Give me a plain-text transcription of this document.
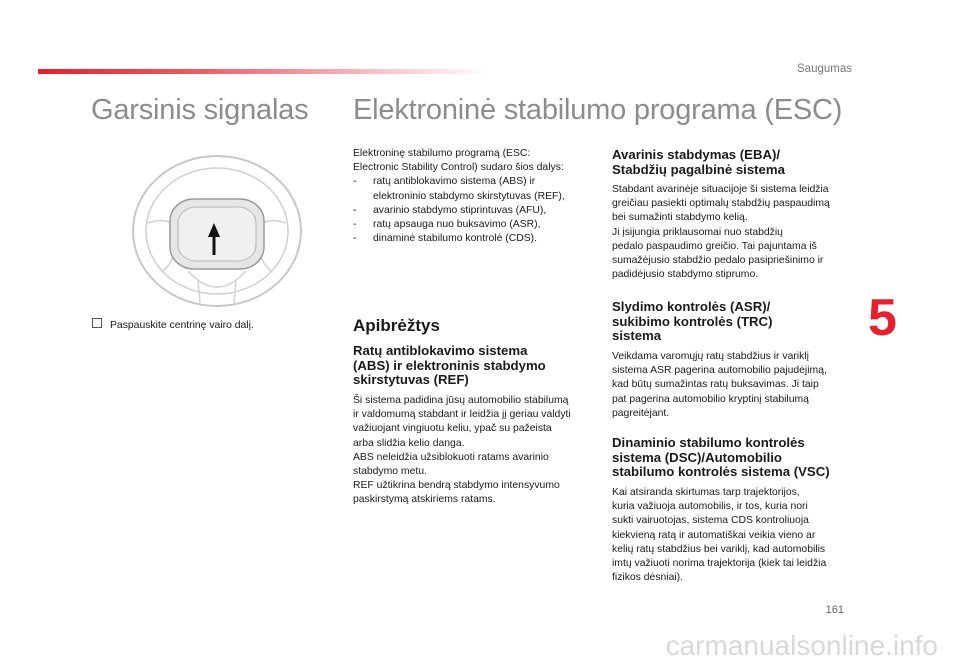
Saugumas
Garsinis signalas
Paspauskite centrinę vairo dalį.
Elektroninė stabilumo programa (ESC)

Elektroninę stabilumo programą (ESC:

Electronic Stability Control) sudaro šios dalys:

- ratų antiblokavimo sistema (ABS) ir
elektroninio stabdymo skirstytuvas (REF),
- avarinio stabdymo stiprintuvas (AFU),
- ratų apsauga nuo buksavimo (ASR),
- dinaminė stabilumo kontrolė (CDS).
Apibrėžtys
Ratų antiblokavimo sistema
(ABS) ir elektroninis stabdymo
skirstytuvas (REF)

Ši sistema padidina jūsų automobilio stabilumą

ir valdomumą stabdant ir leidžia jį geriau valdyti

važiuojant vingiuotu keliu, ypač su pažeista

arba slidžia kelio danga.

ABS neleidžia užsiblokuoti ratams avarinio

stabdymo metu.

REF užtikrina bendrą stabdymo intensyvumo

paskirstymą atskiriems ratams.

Avarinis stabdymas (EBA)/
Stabdžių pagalbinė sistema

Stabdant avarinėje situacijoje ši sistema leidžia

greičiau pasiekti optimalų stabdžių paspaudimą

bei sumažinti stabdymo kelią.

Ji įsijungia priklausomai nuo stabdžių

pedalo paspaudimo greičio. Tai pajuntama iš

sumažėjusio stabdžio pedalo pasipriešinimo ir

padidėjusio stabdymo stiprumo.

Slydimo kontrolės (ASR)/
sukibimo kontrolės (TRC)
sistema

Veikdama varomųjų ratų stabdžius ir variklį

sistema ASR pagerina automobilio pajudėjimą,

kad būtų sumažintas ratų buksavimas. Ji taip

pat pagerina automobilio kryptinį stabilumą

pagreitėjant.

Dinaminio stabilumo kontrolės
sistema (DSC)/Automobilio
stabilumo kontrolės sistema (VSC)

Kai atsiranda skirtumas tarp trajektorijos,

kuria važiuoja automobilis, ir tos, kuria nori

sukti vairuotojas, sistema CDS kontroliuoja

kiekvieną ratą ir automatiškai veikia vieno ar

kelių ratų stabdžius bei variklį, kad automobilis

imtų važiuoti norima trajektorija (kiek tai leidžia

fizikos dėsniai).

5
161
carmanualsonline.info
